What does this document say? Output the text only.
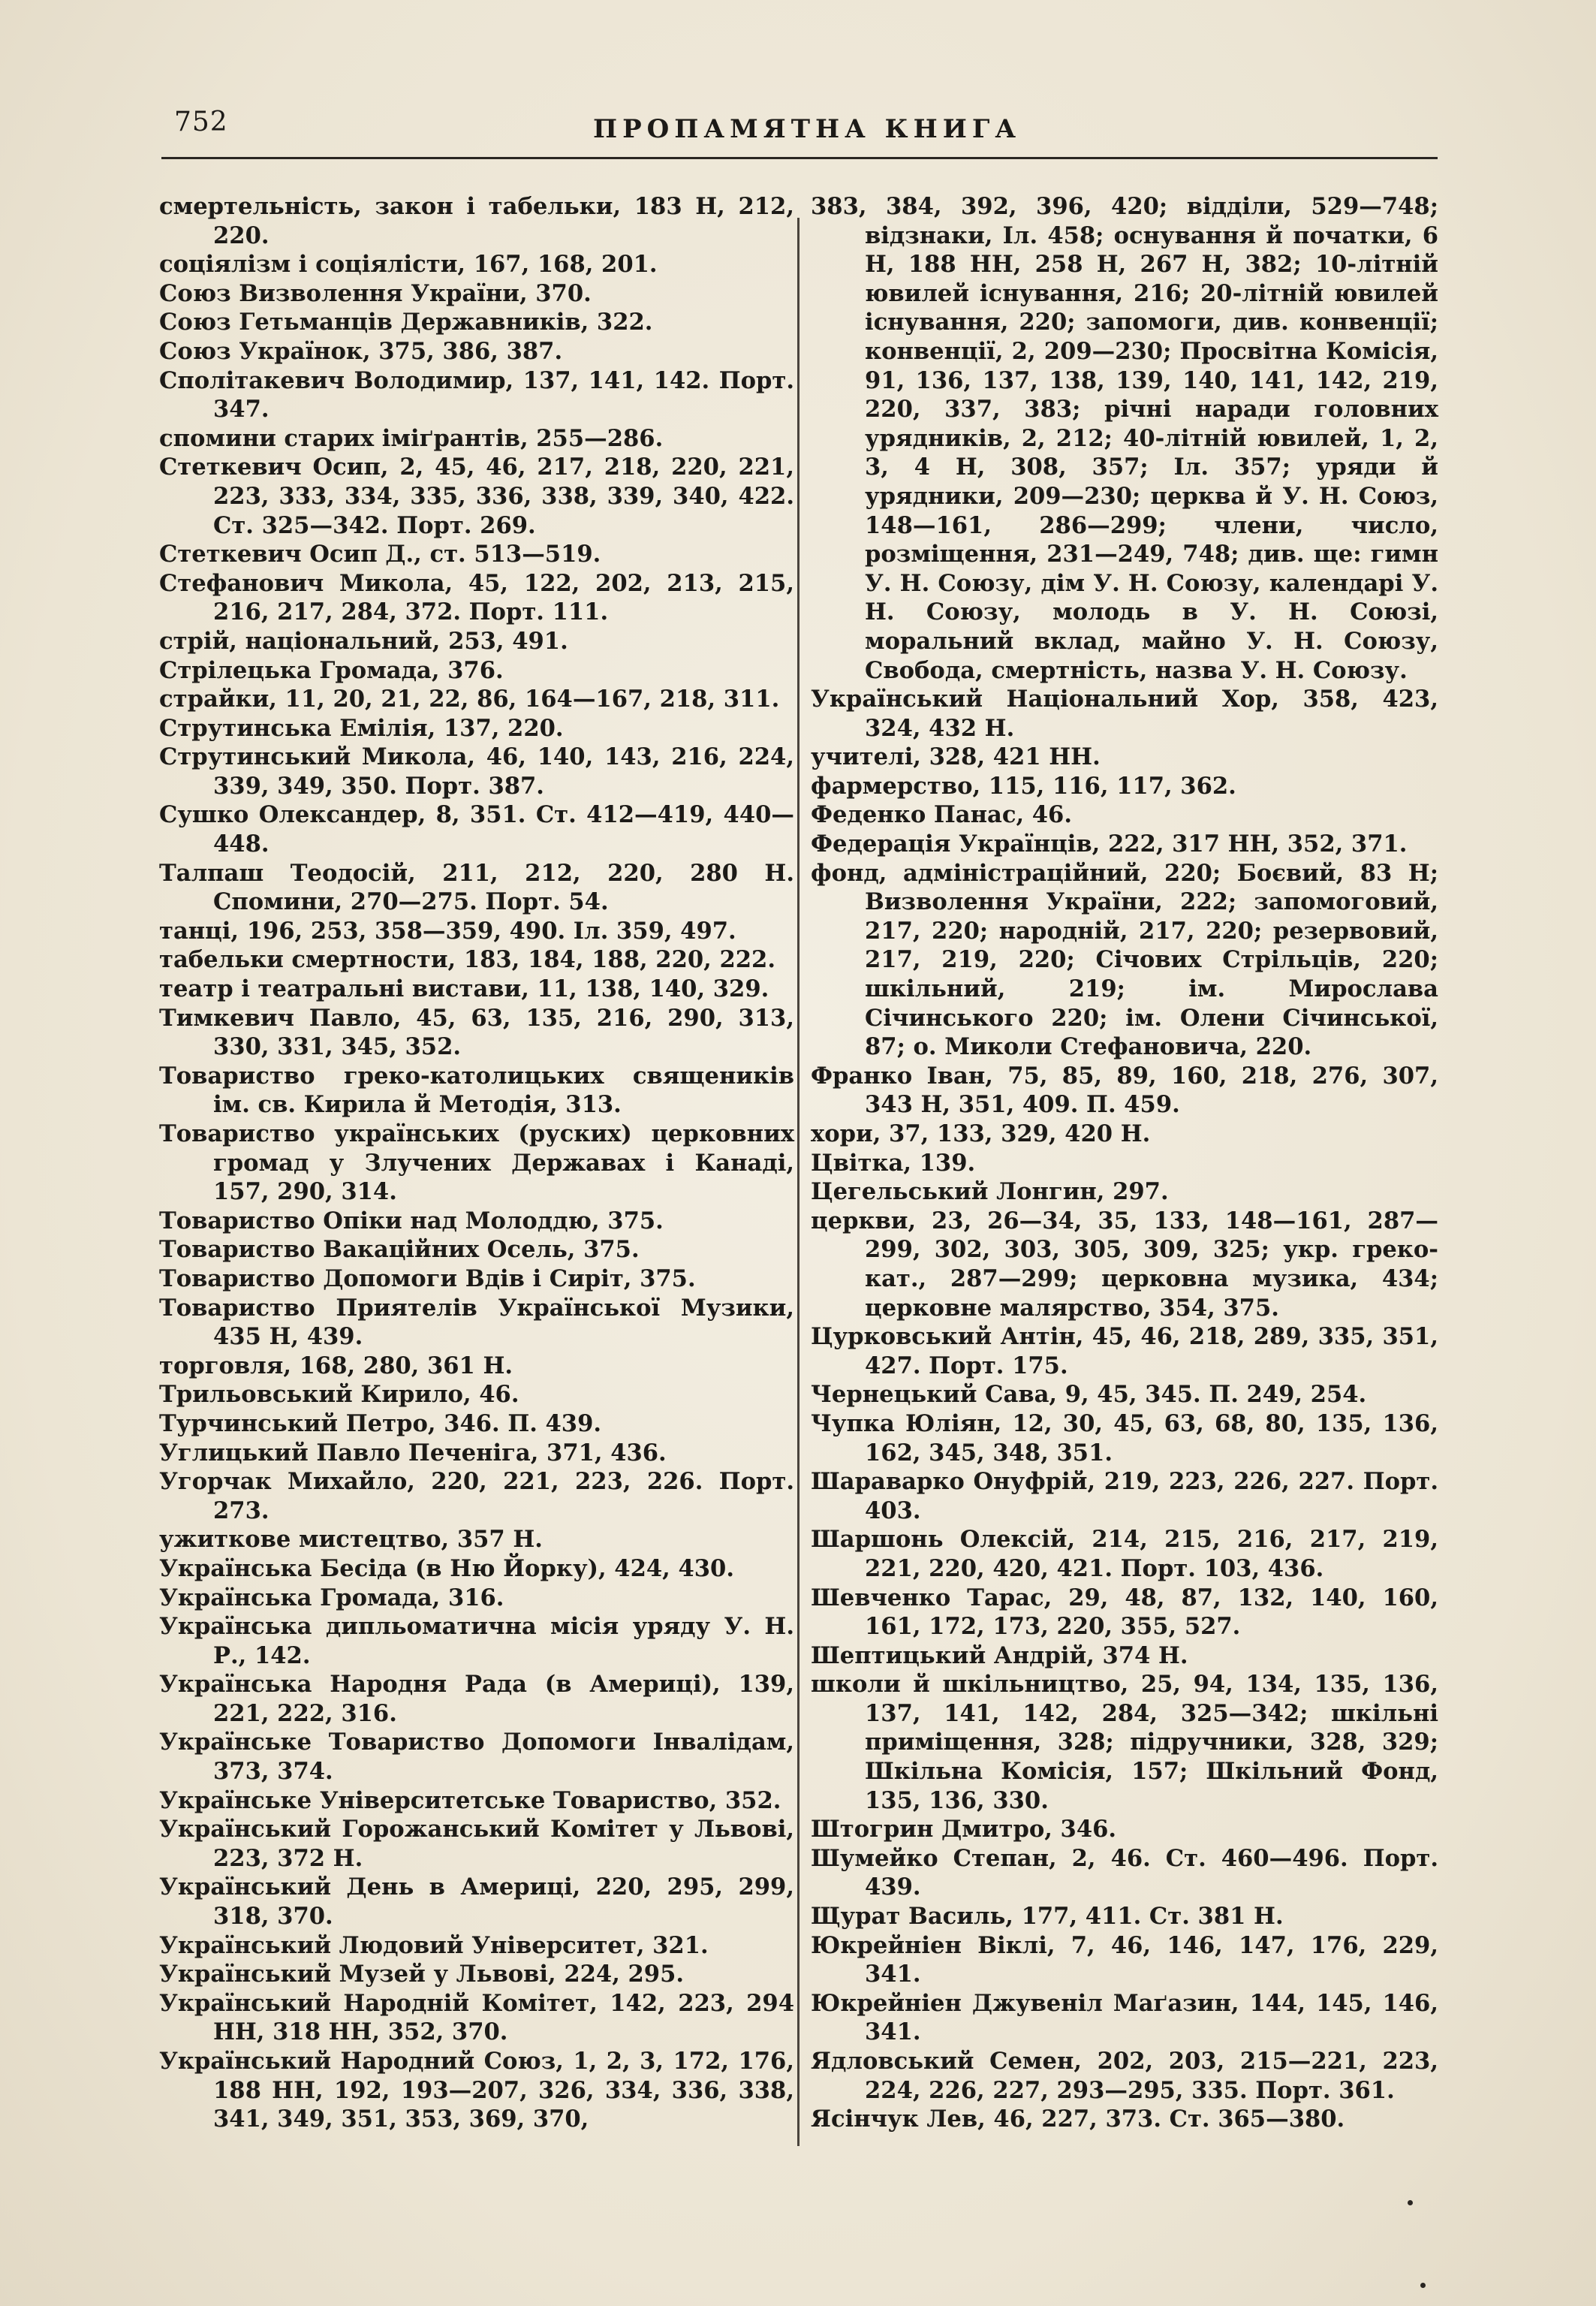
752	ПРОПАМЯТНА КНИГА

смертельність, закон і табельки, 183 Н, 212, 220.

соціялізм і соціялісти, 167, 168, 201.

Союз Визволення України, 370.

Союз Гетьманців Державників, 322.

Союз Українок, 375, 386, 387.

Сполітакевич Володимир, 137, 141, 142. Порт. 347.

спомини старих іміґрантів, 255—286.

Стеткевич Осип, 2, 45, 46, 217, 218, 220, 221, 223, 333, 334, 335, 336, 338, 339, 340, 422. Ст. 325—342. Порт. 269.

Стеткевич Осип Д., ст. 513—519.

Стефанович Микола, 45, 122, 202, 213, 215, 216, 217, 284, 372. Порт. 111.

стрій, національний, 253, 491.

Стрілецька Громада, 376.

страйки, 11, 20, 21, 22, 86, 164—167, 218, 311.

Струтинська Емілія, 137, 220.

Струтинський Микола, 46, 140, 143, 216, 224, 339, 349, 350. Порт. 387.

Сушко Олександер, 8, 351. Ст. 412—419, 440—448.

Талпаш Теодосій, 211, 212, 220, 280 Н. Спомини, 270—275. Порт. 54.

танці, 196, 253, 358—359, 490. Іл. 359, 497.

табельки смертности, 183, 184, 188, 220, 222.

театр і театральні вистави, 11, 138, 140, 329.

Тимкевич Павло, 45, 63, 135, 216, 290, 313, 330, 331, 345, 352.

Товариство греко-католицьких священиків ім. св. Кирила й Методія, 313.

Товариство українських (руских) церковних громад у Злучених Державах і Канаді, 157, 290, 314.

Товариство Опіки над Молоддю, 375.

Товариство Вакаційних Осель, 375.

Товариство Допомоги Вдів і Сиріт, 375.

Товариство Приятелів Української Музики, 435 Н, 439.

торговля, 168, 280, 361 Н.

Трильовський Кирило, 46.

Турчинський Петро, 346. П. 439.

Углицький Павло Печеніга, 371, 436.

Угорчак Михайло, 220, 221, 223, 226. Порт. 273.

ужиткове мистецтво, 357 Н.

Українська Бесіда (в Ню Йорку), 424, 430.

Українська Громада, 316.

Українська дипльоматична місія уряду У. Н. Р., 142.

Українська Народня Рада (в Америці), 139, 221, 222, 316.

Українське Товариство Допомоги Інвалідам, 373, 374.

Українське Університетське Товариство, 352.

Український Горожанський Комітет у Львові, 223, 372 Н.

Український День в Америці, 220, 295, 299, 318, 370.

Український Людовий Університет, 321.

Український Музей у Львові, 224, 295.

Український Народній Комітет, 142, 223, 294 НН, 318 НН, 352, 370.

Український Народний Союз, 1, 2, 3, 172, 176, 188 НН, 192, 193—207, 326, 334, 336, 338, 341, 349, 351, 353, 369, 370,

383, 384, 392, 396, 420; відділи, 529—748; відзнаки, Іл. 458; оснування й початки, 6 Н, 188 НН, 258 Н, 267 Н, 382; 10-літній ювилей існування, 216; 20-літній ювилей існування, 220; запомоги, див. конвенції; конвенції, 2, 209—230; Просвітна Комісія, 91, 136, 137, 138, 139, 140, 141, 142, 219, 220, 337, 383; річні наради головних урядників, 2, 212; 40-літній ювилей, 1, 2, 3, 4 Н, 308, 357; Іл. 357; уряди й урядники, 209—230; церква й У. Н. Союз, 148—161, 286—299; члени, число, розміщення, 231—249, 748; див. ще: гимн У. Н. Союзу, дім У. Н. Союзу, календарі У. Н. Союзу, молодь в У. Н. Союзі, моральний вклад, майно У. Н. Союзу, Свобода, смертність, назва У. Н. Союзу.

Український Національний Хор, 358, 423, 324, 432 Н.

учителі, 328, 421 НН.

фармерство, 115, 116, 117, 362.

Феденко Панас, 46.

Федерація Українців, 222, 317 НН, 352, 371.

фонд, адміністраційний, 220; Боєвий, 83 Н; Визволення України, 222; запомоговий, 217, 220; народній, 217, 220; резервовий, 217, 219, 220; Січових Стрільців, 220; шкільний, 219; ім. Мирослава Січинського 220; ім. Олени Січинської, 87; о. Миколи Стефановича, 220.

Франко Іван, 75, 85, 89, 160, 218, 276, 307, 343 Н, 351, 409. П. 459.

хори, 37, 133, 329, 420 Н.

Цвітка, 139.

Цегельський Лонгин, 297.

церкви, 23, 26—34, 35, 133, 148—161, 287—299, 302, 303, 305, 309, 325; укр. греко-кат., 287—299; церковна музика, 434; церковне малярство, 354, 375.

Цурковський Антін, 45, 46, 218, 289, 335, 351, 427. Порт. 175.

Чернецький Сава, 9, 45, 345. П. 249, 254.

Чупка Юліян, 12, 30, 45, 63, 68, 80, 135, 136, 162, 345, 348, 351.

Шараварко Онуфрій, 219, 223, 226, 227. Порт. 403.

Шаршонь Олексій, 214, 215, 216, 217, 219, 221, 220, 420, 421. Порт. 103, 436.

Шевченко Тарас, 29, 48, 87, 132, 140, 160, 161, 172, 173, 220, 355, 527.

Шептицький Андрій, 374 Н.

школи й шкільництво, 25, 94, 134, 135, 136, 137, 141, 142, 284, 325—342; шкільні приміщення, 328; підручники, 328, 329; Шкільна Комісія, 157; Шкільний Фонд, 135, 136, 330.

Штогрин Дмитро, 346.

Шумейко Степан, 2, 46. Ст. 460—496. Порт. 439.

Щурат Василь, 177, 411. Ст. 381 Н.

Юкрейніен Віклі, 7, 46, 146, 147, 176, 229, 341.

Юкрейніен Джувеніл Маґазин, 144, 145, 146, 341.

Ядловський Семен, 202, 203, 215—221, 223, 224, 226, 227, 293—295, 335. Порт. 361.

Ясінчук Лев, 46, 227, 373. Ст. 365—380.
